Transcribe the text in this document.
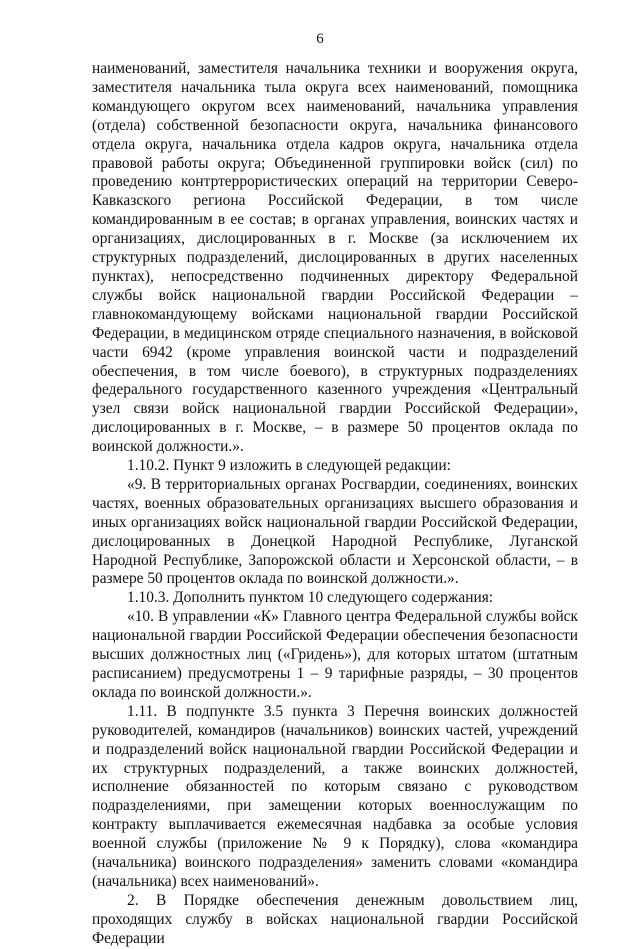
6

наименований, заместителя начальника техники и вооружения округа, заместителя начальника тыла округа всех наименований, помощника командующего округом всех наименований, начальника управления (отдела) собственной безопасности округа, начальника финансового отдела округа, начальника отдела кадров округа, начальника отдела правовой работы округа; Объединенной группировки войск (сил) по проведению контртеррористических операций на территории Северо-Кавказского региона Российской Федерации, в том числе командированным в ее состав; в органах управления, воинских частях и организациях, дислоцированных в г. Москве (за исключением их структурных подразделений, дислоцированных в других населенных пунктах), непосредственно подчиненных директору Федеральной службы войск национальной гвардии Российской Федерации – главнокомандующему войсками национальной гвардии Российской Федерации, в медицинском отряде специального назначения, в войсковой части 6942 (кроме управления воинской части и подразделений обеспечения, в том числе боевого), в структурных подразделениях федерального государственного казенного учреждения «Центральный узел связи войск национальной гвардии Российской Федерации», дислоцированных в г. Москве, – в размере 50 процентов оклада по воинской должности.».

1.10.2. Пункт 9 изложить в следующей редакции:

«9. В территориальных органах Росгвардии, соединениях, воинских частях, военных образовательных организациях высшего образования и иных организациях войск национальной гвардии Российской Федерации, дислоцированных в Донецкой Народной Республике, Луганской Народной Республике, Запорожской области и Херсонской области, – в размере 50 процентов оклада по воинской должности.».

1.10.3. Дополнить пунктом 10 следующего содержания:

«10. В управлении «К» Главного центра Федеральной службы войск национальной гвардии Российской Федерации обеспечения безопасности высших должностных лиц («Гридень»), для которых штатом (штатным расписанием) предусмотрены 1 – 9 тарифные разряды, – 30 процентов оклада по воинской должности.».

1.11. В подпункте 3.5 пункта 3 Перечня воинских должностей руководителей, командиров (начальников) воинских частей, учреждений и подразделений войск национальной гвардии Российской Федерации и их структурных подразделений, а также воинских должностей, исполнение обязанностей по которым связано с руководством подразделениями, при замещении которых военнослужащим по контракту выплачивается ежемесячная надбавка за особые условия военной службы (приложение № 9 к Порядку), слова «командира (начальника) воинского подразделения» заменить словами «командира (начальника) всех наименований».

2. В Порядке обеспечения денежным довольствием лиц, проходящих службу в войсках национальной гвардии Российской Федерации
